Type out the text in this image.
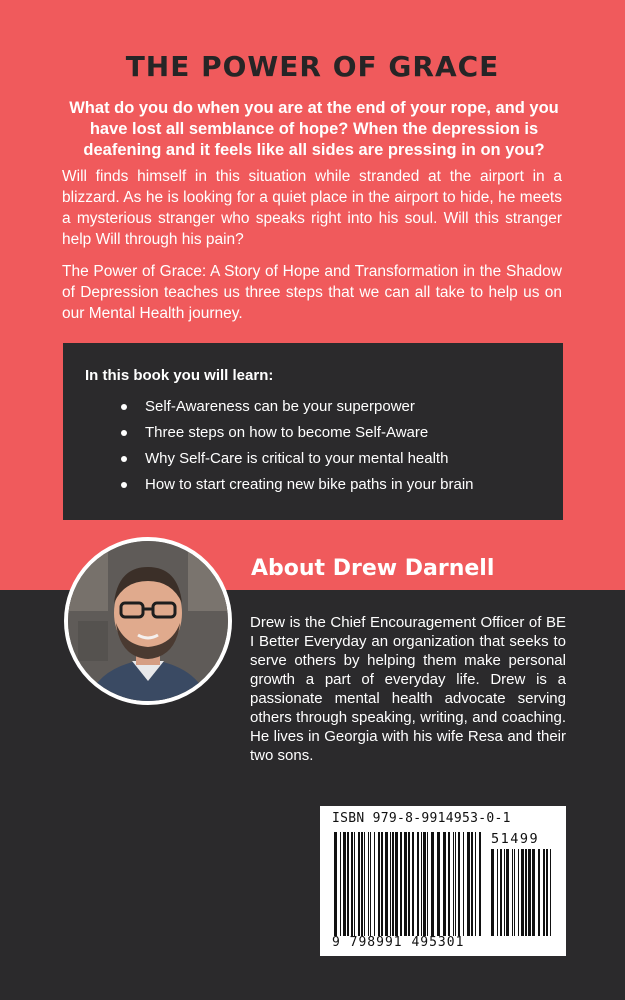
THE POWER OF GRACE
What do you do when you are at the end of your rope, and you have lost all semblance of hope? When the depression is deafening and it feels like all sides are pressing in on you?
Will finds himself in this situation while stranded at the airport in a blizzard. As he is looking for a quiet place in the airport to hide, he meets a mysterious stranger who speaks right into his soul. Will this stranger help Will through his pain?
The Power of Grace: A Story of Hope and Transformation in the Shadow of Depression teaches us three steps that we can all take to help us on our Mental Health journey.
In this book you will learn:
Self-Awareness can be your superpower
Three steps on how to become Self-Aware
Why Self-Care is critical to your mental health
How to start creating new bike paths in your brain
About Drew Darnell
Drew is the Chief Encouragement Officer of BE I Better Everyday an organization that seeks to serve others by helping them make personal growth a part of everyday life. Drew is a passionate mental health advocate serving others through speaking, writing, and coaching. He lives in Georgia with his wife Resa and their two sons.
ISBN 979-8-9914953-0-1
51499
9 798991 495301
